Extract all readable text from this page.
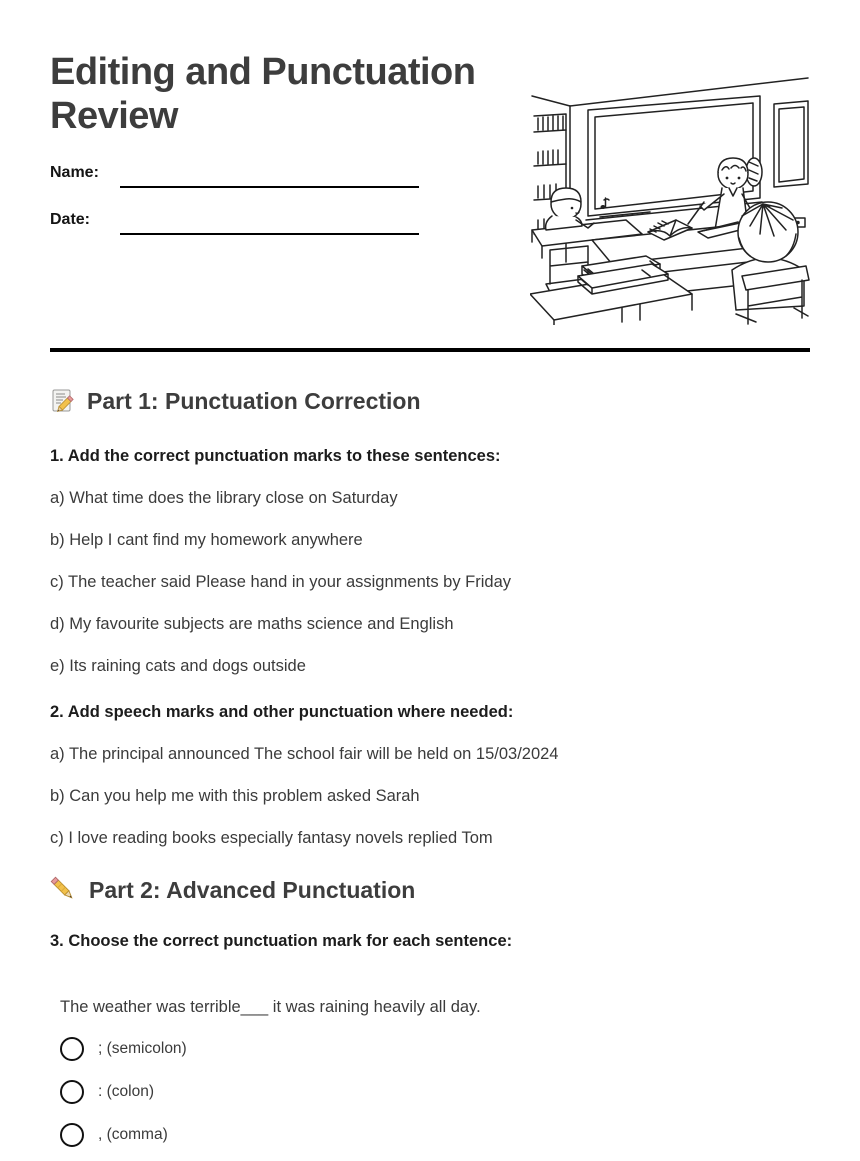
Editing and Punctuation Review
Name:
Date:
Part 1: Punctuation Correction

1. Add the correct punctuation marks to these sentences:

a) What time does the library close on Saturday

b) Help I cant find my homework anywhere

c) The teacher said Please hand in your assignments by Friday

d) My favourite subjects are maths science and English

e) Its raining cats and dogs outside

2. Add speech marks and other punctuation where needed:

a) The principal announced The school fair will be held on 15/03/2024

b) Can you help me with this problem asked Sarah

c) I love reading books especially fantasy novels replied Tom

Part 2: Advanced Punctuation

3. Choose the correct punctuation mark for each sentence:

The weather was terrible___ it was raining heavily all day.

; (semicolon)
: (colon)
, (comma)
